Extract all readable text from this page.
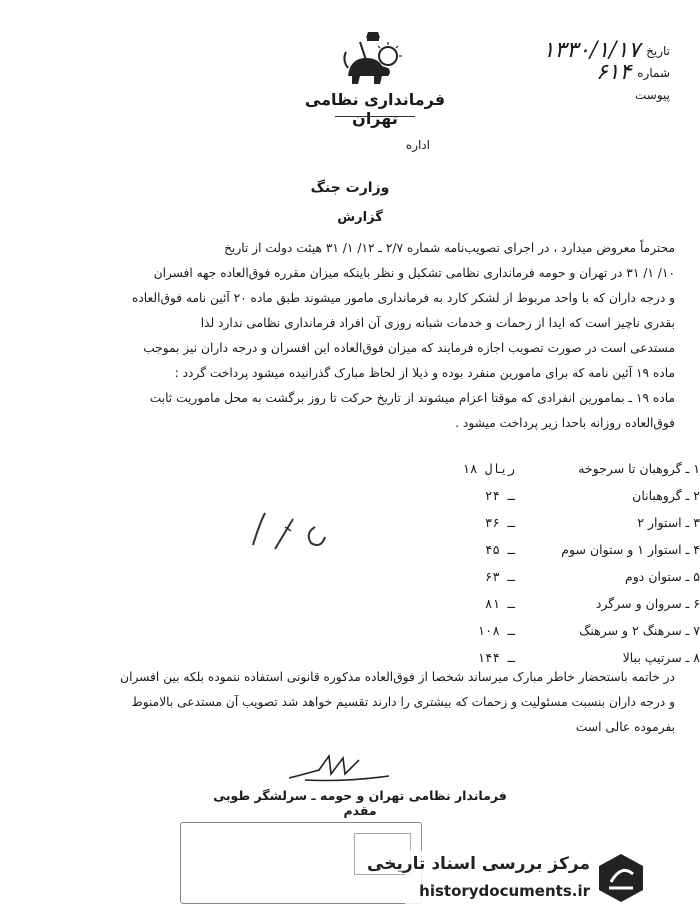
تاریخ
۱۳۳۰/۱/۱۷
شماره
۶۱۴
پیوست
فرمانداری نظامی تهران
اداره
وزارت جنگ
گزارش

محترماً معروض میدارد ، در اجرای تصویب‌نامه شماره ۲/۷ ـ ۱۲/ ۱/ ۳۱ هیئت دولت از تاریخ

۱۰/ ۱/ ۳۱ در تهران و حومه فرمانداری نظامی تشکیل و نظر باینکه میزان مقرره فوق‌العاده جهه افسران

و درجه داران که با واحد مربوط از لشکر کارد به فرمانداری مامور میشوند طبق ماده ۲۰ آئین نامه فوق‌العاده

بقدری ناچیز است که ایدا از زحمات و خدمات شبانه روزی آن افراد فرمانداری نظامی ندارد لذا

مستدعی است در صورت تصویب اجازه فرمایند که میزان فوق‌العاده این افسران و درجه داران نیز بموجب

ماده ۱۹ آئین نامه که برای مامورین منفرد بوده و ذیلا از لحاظ مبارک گذرانیده میشود پرداخت گردد :

ماده ۱۹ ـ بمامورین انفرادی که موقتا اعزام میشوند از تاریخ حرکت تا روز برگشت به محل ماموریت ثابت

فوق‌العاده روزانه باحدا زیر پرداخت میشود .

۱ ـ گروهبان تا سرجوخه
۱۸ ریال
۲ ـ گروهبانان
۲۴ ـ
۳ ـ استوار ۲
۳۶ ـ
۴ ـ استوار ۱ و ستوان سوم
۴۵ ـ
۵ ـ ستوان دوم
۶۳ ـ
۶ ـ سروان و سرگرد
۸۱ ـ
۷ ـ سرهنگ ۲ و سرهنگ
۱۰۸ ـ
۸ ـ سرتیپ ببالا
۱۴۴ ـ
در خاتمه باستحضار خاطر مبارک میرساند شخصا از فوق‌العاده مذکوره قانونی استفاده ننموده بلکه بین افسران
و درجه داران بنسبت مسئولیت و زحمات که بیشتری را دارند تقسیم خواهد شد تصویب آن مستدعی بالامنوط
بفرموده عالی است
فرماندار نظامی تهران و حومه ـ سرلشگر طوبی مقدم
مرکز بررسی اسناد تاریخی
historydocuments.ir
